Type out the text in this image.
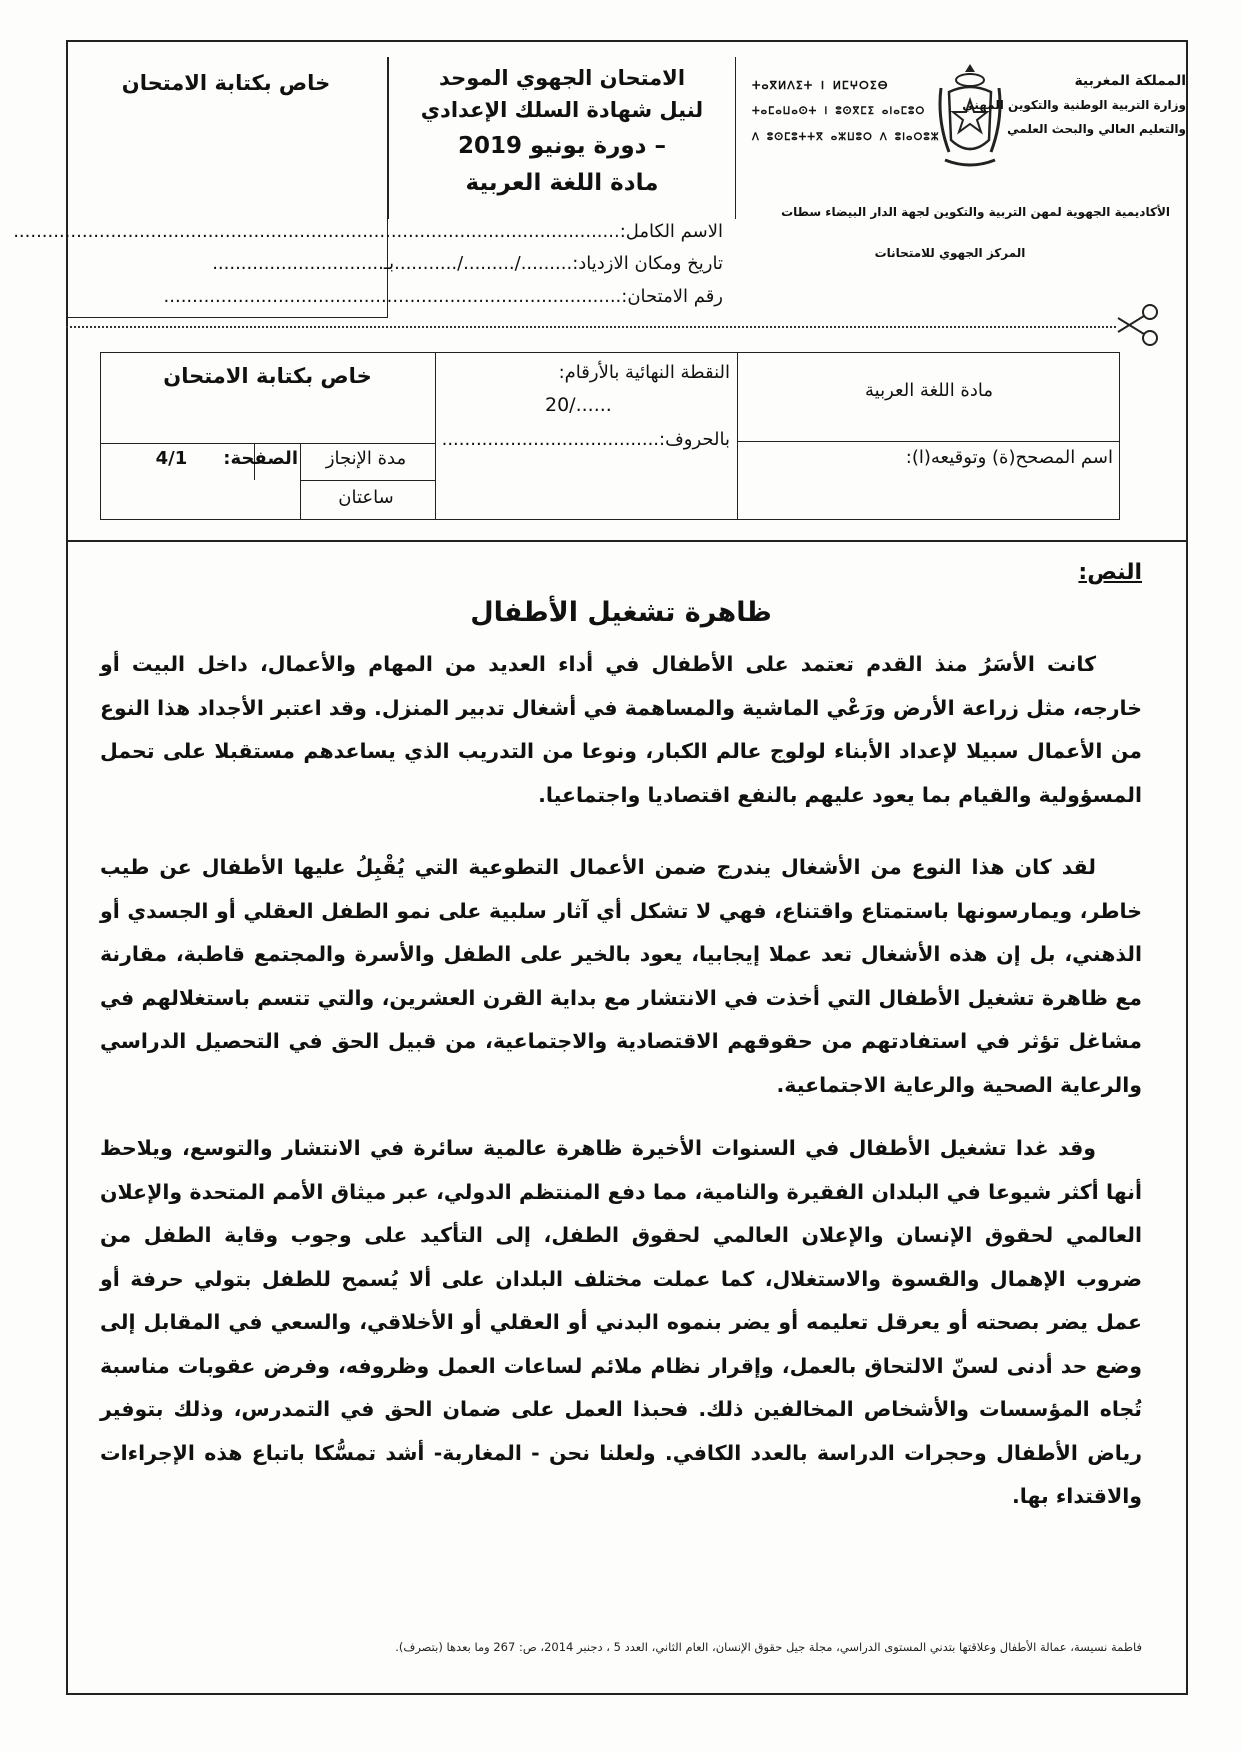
خاص بكتابة الامتحان	الامتحان الجهوي الموحد
لنيل شهادة السلك الإعدادي
– دورة يونيو 2019
مادة اللغة العربية
ⵜⴰⴳⵍⴷⵉⵜ ⵏ ⵍⵎⵖⵔⵉⴱ
ⵜⴰⵎⴰⵡⴰⵙⵜ ⵏ ⵓⵙⴳⵎⵉ ⴰⵏⴰⵎⵓⵔ
ⴷ ⵓⵙⵎⵓⵜⵜⴳ ⴰⵣⵡⵓⵔ ⴷ ⵓⵏⴰⵔⵓⵣ
المملكة المغربية
وزارة التربية الوطنية والتكوين المهني
والتعليم العالي والبحث العلمي
الأكاديمية الجهوية لمهن التربية والتكوين لجهة الدار البيضاء سطات
المركز الجهوي للامتحانات
الاسم الكامل:..........................................................................................................
تاريخ ومكان الازدياد:........./........./...........بـ..............................
رقم الامتحان:................................................................................
خاص بكتابة الامتحان
مدة الإنجاز
ساعتان
الصفحة:4/1
النقطة النهائية بالأرقام:
20/......
بالحروف:......................................
مادة اللغة العربية
اسم المصحح(ة) وتوقيعه(ا):
النص:
ظاهرة تشغيل الأطفال
كانت الأسَرُ منذ القدم تعتمد على الأطفال في أداء العديد من المهام والأعمال، داخل البيت أو خارجه، مثل زراعة الأرض ورَعْي الماشية والمساهمة في أشغال تدبير المنزل. وقد اعتبر الأجداد هذا النوع من الأعمال سبيلا لإعداد الأبناء لولوج عالم الكبار، ونوعا من التدريب الذي يساعدهم مستقبلا على تحمل المسؤولية والقيام بما يعود عليهم بالنفع اقتصاديا واجتماعيا.
لقد كان هذا النوع من الأشغال يندرج ضمن الأعمال التطوعية التي يُقْبِلُ عليها الأطفال عن طيب خاطر، ويمارسونها باستمتاع واقتناع، فهي لا تشكل أي آثار سلبية على نمو الطفل العقلي أو الجسدي أو الذهني، بل إن هذه الأشغال تعد عملا إيجابيا، يعود بالخير على الطفل والأسرة والمجتمع قاطبة، مقارنة مع ظاهرة تشغيل الأطفال التي أخذت في الانتشار مع بداية القرن العشرين، والتي تتسم باستغلالهم في مشاغل تؤثر في استفادتهم من حقوقهم الاقتصادية والاجتماعية، من قبيل الحق في التحصيل الدراسي والرعاية الصحية والرعاية الاجتماعية.
وقد غدا تشغيل الأطفال في السنوات الأخيرة ظاهرة عالمية سائرة في الانتشار والتوسع، ويلاحظ أنها أكثر شيوعا في البلدان الفقيرة والنامية، مما دفع المنتظم الدولي، عبر ميثاق الأمم المتحدة والإعلان العالمي لحقوق الإنسان والإعلان العالمي لحقوق الطفل، إلى التأكيد على وجوب وقاية الطفل من ضروب الإهمال والقسوة والاستغلال، كما عملت مختلف البلدان على ألا يُسمح للطفل بتولي حرفة أو عمل يضر بصحته أو يعرقل تعليمه أو يضر بنموه البدني أو العقلي أو الأخلاقي، والسعي في المقابل إلى وضع حد أدنى لسنّ الالتحاق بالعمل، وإقرار نظام ملائم لساعات العمل وظروفه، وفرض عقوبات مناسبة تُجاه المؤسسات والأشخاص المخالفين ذلك. فحبذا العمل على ضمان الحق في التمدرس، وذلك بتوفير رياض الأطفال وحجرات الدراسة بالعدد الكافي. ولعلنا نحن - المغاربة- أشد تمسُّكا باتباع هذه الإجراءات والاقتداء بها.
فاطمة نسيسة، عمالة الأطفال وعلاقتها بتدني المستوى الدراسي، مجلة جيل حقوق الإنسان، العام الثاني، العدد 5 ، دجنبر 2014، ص: 267 وما بعدها (بتصرف).
